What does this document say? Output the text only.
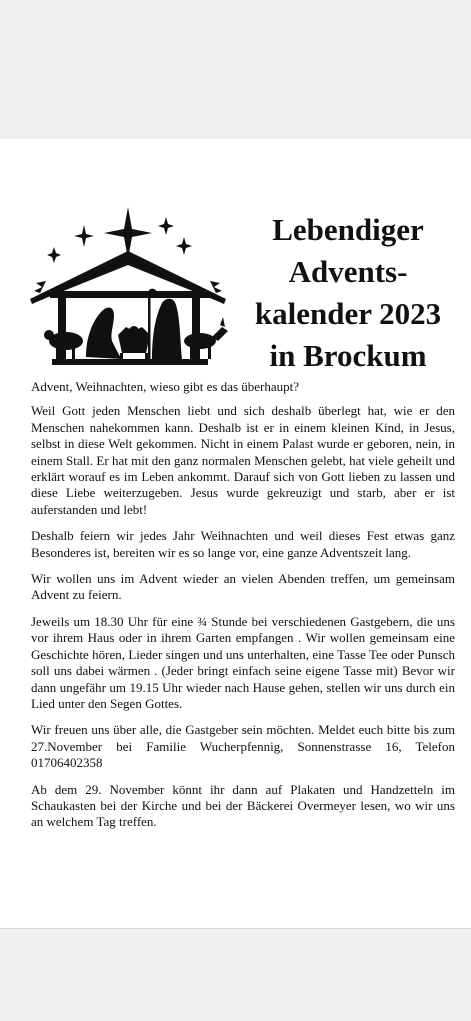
Lebendiger
Advents-
kalender 2023
in Brockum

Advent, Weihnachten, wieso gibt es das überhaupt?

Weil Gott jeden Menschen liebt und sich deshalb überlegt hat, wie er den Menschen nahekommen kann. Deshalb ist er in einem kleinen Kind, in Jesus, selbst in diese Welt gekommen. Nicht in einem Palast wurde er geboren, nein, in einem Stall. Er hat mit den ganz normalen Menschen gelebt, hat viele geheilt und erklärt worauf es im Leben ankommt. Darauf sich von Gott lieben zu lassen und diese Liebe weiterzugeben. Jesus wurde gekreuzigt und starb, aber er ist auferstanden und lebt!

Deshalb feiern wir jedes Jahr Weihnachten und weil dieses Fest etwas ganz Besonderes ist, bereiten wir es so lange vor, eine ganze Adventszeit lang.

Wir wollen uns im Advent wieder an vielen Abenden treffen, um gemeinsam Advent zu feiern.

Jeweils um 18.30 Uhr für eine ¾ Stunde bei verschiedenen Gastgebern, die uns vor ihrem Haus oder in ihrem Garten empfangen . Wir wollen gemeinsam eine Geschichte hören, Lieder singen und uns unterhalten, eine Tasse Tee oder Punsch soll uns dabei wärmen . (Jeder bringt einfach seine eigene Tasse mit) Bevor wir dann ungefähr um 19.15 Uhr wieder nach Hause gehen, stellen wir uns durch ein Lied unter den Segen Gottes.

Wir freuen uns über alle, die Gastgeber sein möchten. Meldet euch bitte bis zum 27.November bei Familie Wucherpfennig, Sonnenstrasse 16, Telefon 01706402358

Ab dem 29. November könnt ihr dann auf Plakaten und Handzetteln im Schaukasten bei der Kirche und bei der Bäckerei Overmeyer lesen, wo wir uns an welchem Tag treffen.
